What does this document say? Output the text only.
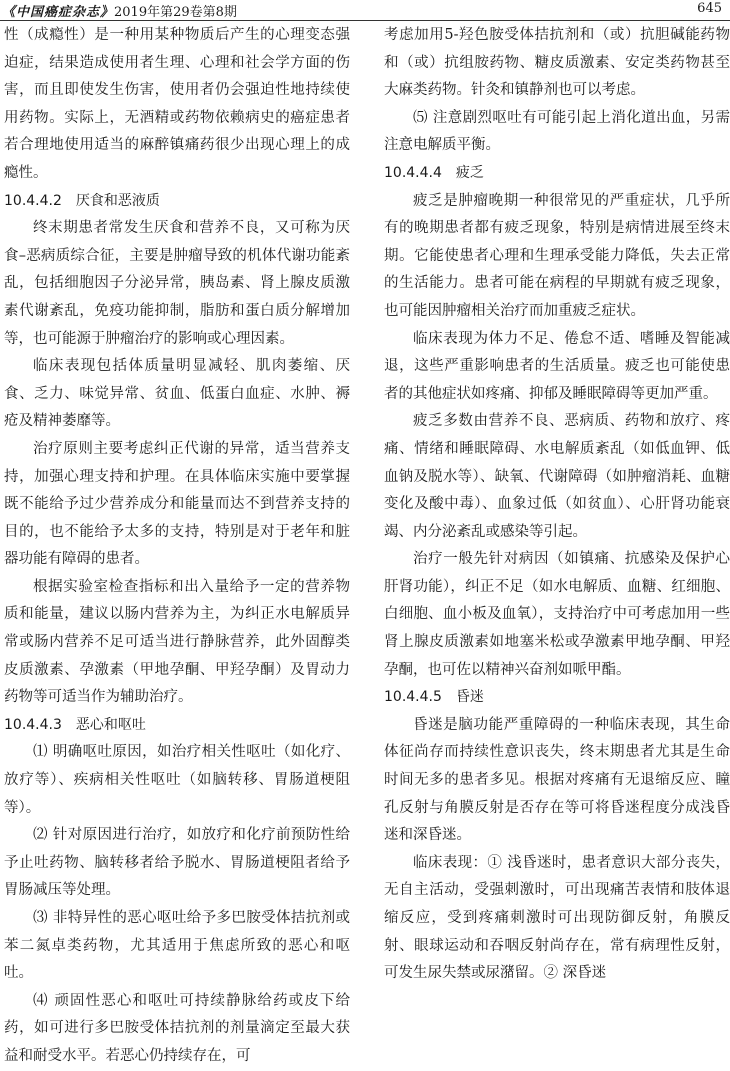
《中国癌症杂志》2019年第29卷第8期	645

性（成瘾性）是一种用某种物质后产生的心理变态强迫症，结果造成使用者生理、心理和社会学方面的伤害，而且即使发生伤害，使用者仍会强迫性地持续使用药物。实际上，无酒精或药物依赖病史的癌症患者若合理地使用适当的麻醉镇痛药很少出现心理上的成瘾性。

10.4.4.2　厌食和恶液质

终末期患者常发生厌食和营养不良，又可称为厌食–恶病质综合征，主要是肿瘤导致的机体代谢功能紊乱，包括细胞因子分泌异常，胰岛素、肾上腺皮质激素代谢紊乱，免疫功能抑制，脂肪和蛋白质分解增加等，也可能源于肿瘤治疗的影响或心理因素。

临床表现包括体质量明显减轻、肌肉萎缩、厌食、乏力、味觉异常、贫血、低蛋白血症、水肿、褥疮及精神萎靡等。

治疗原则主要考虑纠正代谢的异常，适当营养支持，加强心理支持和护理。在具体临床实施中要掌握既不能给予过少营养成分和能量而达不到营养支持的目的，也不能给予太多的支持，特别是对于老年和脏器功能有障碍的患者。

根据实验室检查指标和出入量给予一定的营养物质和能量，建议以肠内营养为主，为纠正水电解质异常或肠内营养不足可适当进行静脉营养，此外固醇类皮质激素、孕激素（甲地孕酮、甲羟孕酮）及胃动力药物等可适当作为辅助治疗。

10.4.4.3　恶心和呕吐

⑴ 明确呕吐原因，如治疗相关性呕吐（如化疗、放疗等）、疾病相关性呕吐（如脑转移、胃肠道梗阻等）。

⑵ 针对原因进行治疗，如放疗和化疗前预防性给予止吐药物、脑转移者给予脱水、胃肠道梗阻者给予胃肠减压等处理。

⑶ 非特异性的恶心呕吐给予多巴胺受体拮抗剂或苯二氮卓类药物，尤其适用于焦虑所致的恶心和呕吐。

⑷ 顽固性恶心和呕吐可持续静脉给药或皮下给药，如可进行多巴胺受体拮抗剂的剂量滴定至最大获益和耐受水平。若恶心仍持续存在，可

考虑加用5-羟色胺受体拮抗剂和（或）抗胆碱能药物和（或）抗组胺药物、糖皮质激素、安定类药物甚至大麻类药物。针灸和镇静剂也可以考虑。

⑸ 注意剧烈呕吐有可能引起上消化道出血，另需注意电解质平衡。

10.4.4.4　疲乏

疲乏是肿瘤晚期一种很常见的严重症状，几乎所有的晚期患者都有疲乏现象，特别是病情进展至终末期。它能使患者心理和生理承受能力降低，失去正常的生活能力。患者可能在病程的早期就有疲乏现象，也可能因肿瘤相关治疗而加重疲乏症状。

临床表现为体力不足、倦怠不适、嗜睡及智能减退，这些严重影响患者的生活质量。疲乏也可能使患者的其他症状如疼痛、抑郁及睡眠障碍等更加严重。

疲乏多数由营养不良、恶病质、药物和放疗、疼痛、情绪和睡眠障碍、水电解质紊乱（如低血钾、低血钠及脱水等）、缺氧、代谢障碍（如肿瘤消耗、血糖变化及酸中毒）、血象过低（如贫血）、心肝肾功能衰竭、内分泌紊乱或感染等引起。

治疗一般先针对病因（如镇痛、抗感染及保护心肝肾功能），纠正不足（如水电解质、血糖、红细胞、白细胞、血小板及血氧），支持治疗中可考虑加用一些肾上腺皮质激素如地塞米松或孕激素甲地孕酮、甲羟孕酮，也可佐以精神兴奋剂如哌甲酯。

10.4.4.5　昏迷

昏迷是脑功能严重障碍的一种临床表现，其生命体征尚存而持续性意识丧失，终末期患者尤其是生命时间无多的患者多见。根据对疼痛有无退缩反应、瞳孔反射与角膜反射是否存在等可将昏迷程度分成浅昏迷和深昏迷。

临床表现：① 浅昏迷时，患者意识大部分丧失，无自主活动，受强刺激时，可出现痛苦表情和肢体退缩反应，受到疼痛刺激时可出现防御反射，角膜反射、眼球运动和吞咽反射尚存在，常有病理性反射，可发生尿失禁或尿潴留。② 深昏迷
